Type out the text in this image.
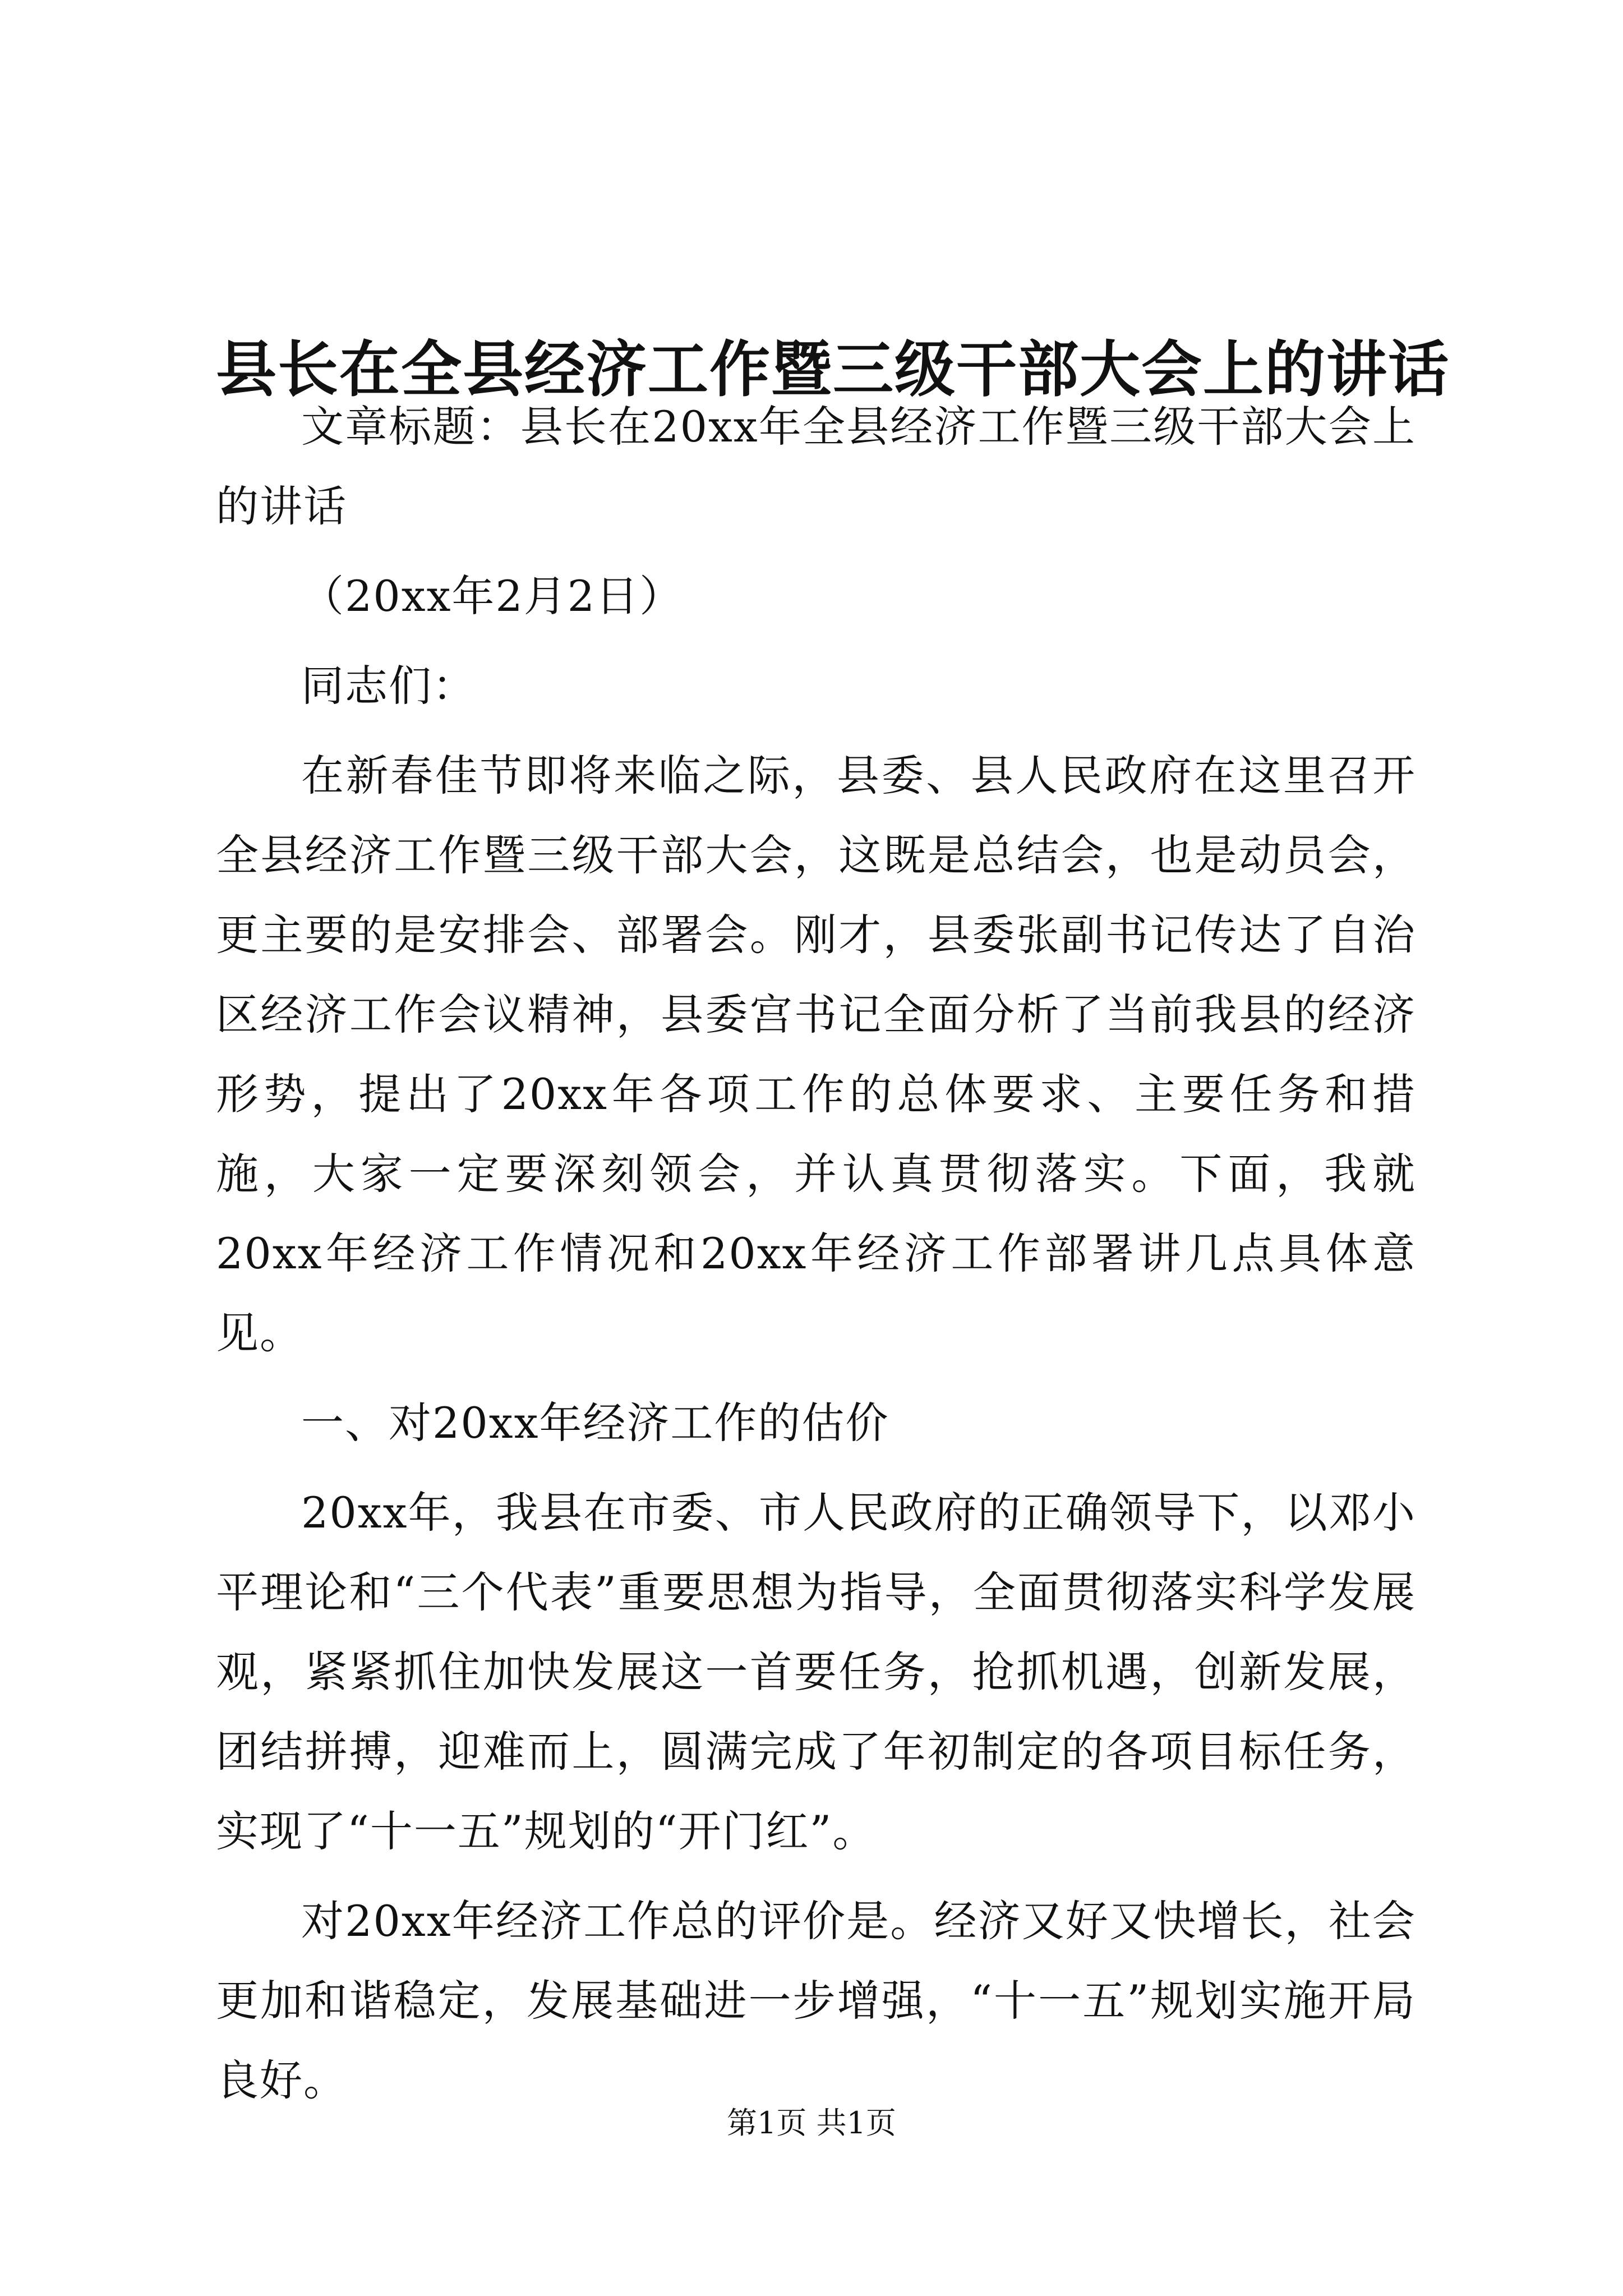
县长在全县经济工作暨三级干部大会上的讲话

文章标题：县长在20xx年全县经济工作暨三级干部大会上的讲话

（20xx年2月2日）

同志们：

在新春佳节即将来临之际，县委、县人民政府在这里召开全县经济工作暨三级干部大会，这既是总结会，也是动员会，更主要的是安排会、部署会。刚才，县委张副书记传达了自治区经济工作会议精神，县委宫书记全面分析了当前我县的经济形势，提出了20xx年各项工作的总体要求、主要任务和措施，大家一定要深刻领会，并认真贯彻落实。下面，我就20xx年经济工作情况和20xx年经济工作部署讲几点具体意见。

一、对20xx年经济工作的估价

20xx年，我县在市委、市人民政府的正确领导下，以邓小平理论和“三个代表”重要思想为指导，全面贯彻落实科学发展观，紧紧抓住加快发展这一首要任务，抢抓机遇，创新发展，团结拼搏，迎难而上，圆满完成了年初制定的各项目标任务，实现了“十一五”规划的“开门红”。

对20xx年经济工作总的评价是。经济又好又快增长，社会更加和谐稳定，发展基础进一步增强，“十一五”规划实施开局良好。

第1页 共1页
